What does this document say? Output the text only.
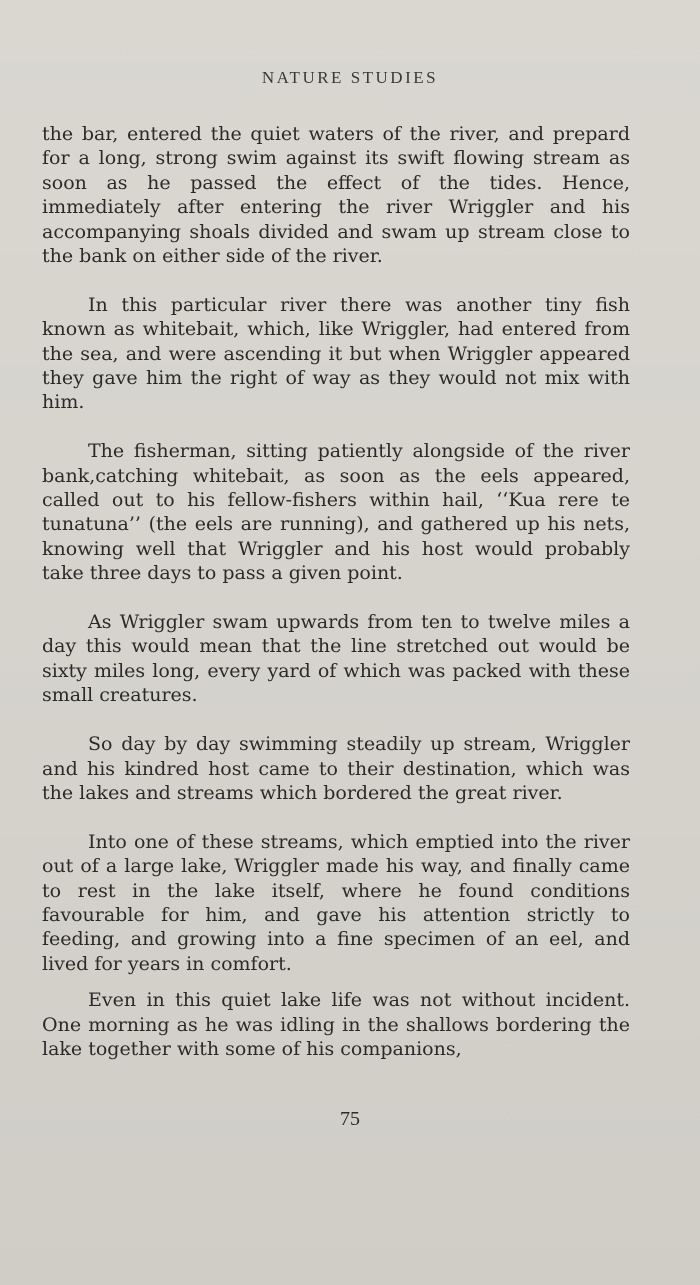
NATURE STUDIES

the bar, entered the quiet waters of the river, and prepard for a long, strong swim against its swift flowing stream as soon as he passed the effect of the tides. Hence, immediately after entering the river Wriggler and his accompanying shoals divided and swam up stream close to the bank on either side of the river.

In this particular river there was another tiny fish known as whitebait, which, like Wriggler, had entered from the sea, and were ascending it but when Wriggler appeared they gave him the right of way as they would not mix with him.

The fisherman, sitting patiently alongside of the river bank,catching whitebait, as soon as the eels appeared, called out to his fellow-fishers within hail, ‘‘Kua rere te tunatuna’’ (the eels are running), and gathered up his nets, knowing well that Wriggler and his host would probably take three days to pass a given point.

As Wriggler swam upwards from ten to twelve miles a day this would mean that the line stretched out would be sixty miles long, every yard of which was packed with these small creatures.

So day by day swimming steadily up stream, Wriggler and his kindred host came to their destination, which was the lakes and streams which bordered the great river.

Into one of these streams, which emptied into the river out of a large lake, Wriggler made his way, and finally came to rest in the lake itself, where he found conditions favourable for him, and gave his attention strictly to feeding, and growing into a fine specimen of an eel, and lived for years in comfort.

Even in this quiet lake life was not without incident. One morning as he was idling in the shallows bordering the lake together with some of his companions,

75
